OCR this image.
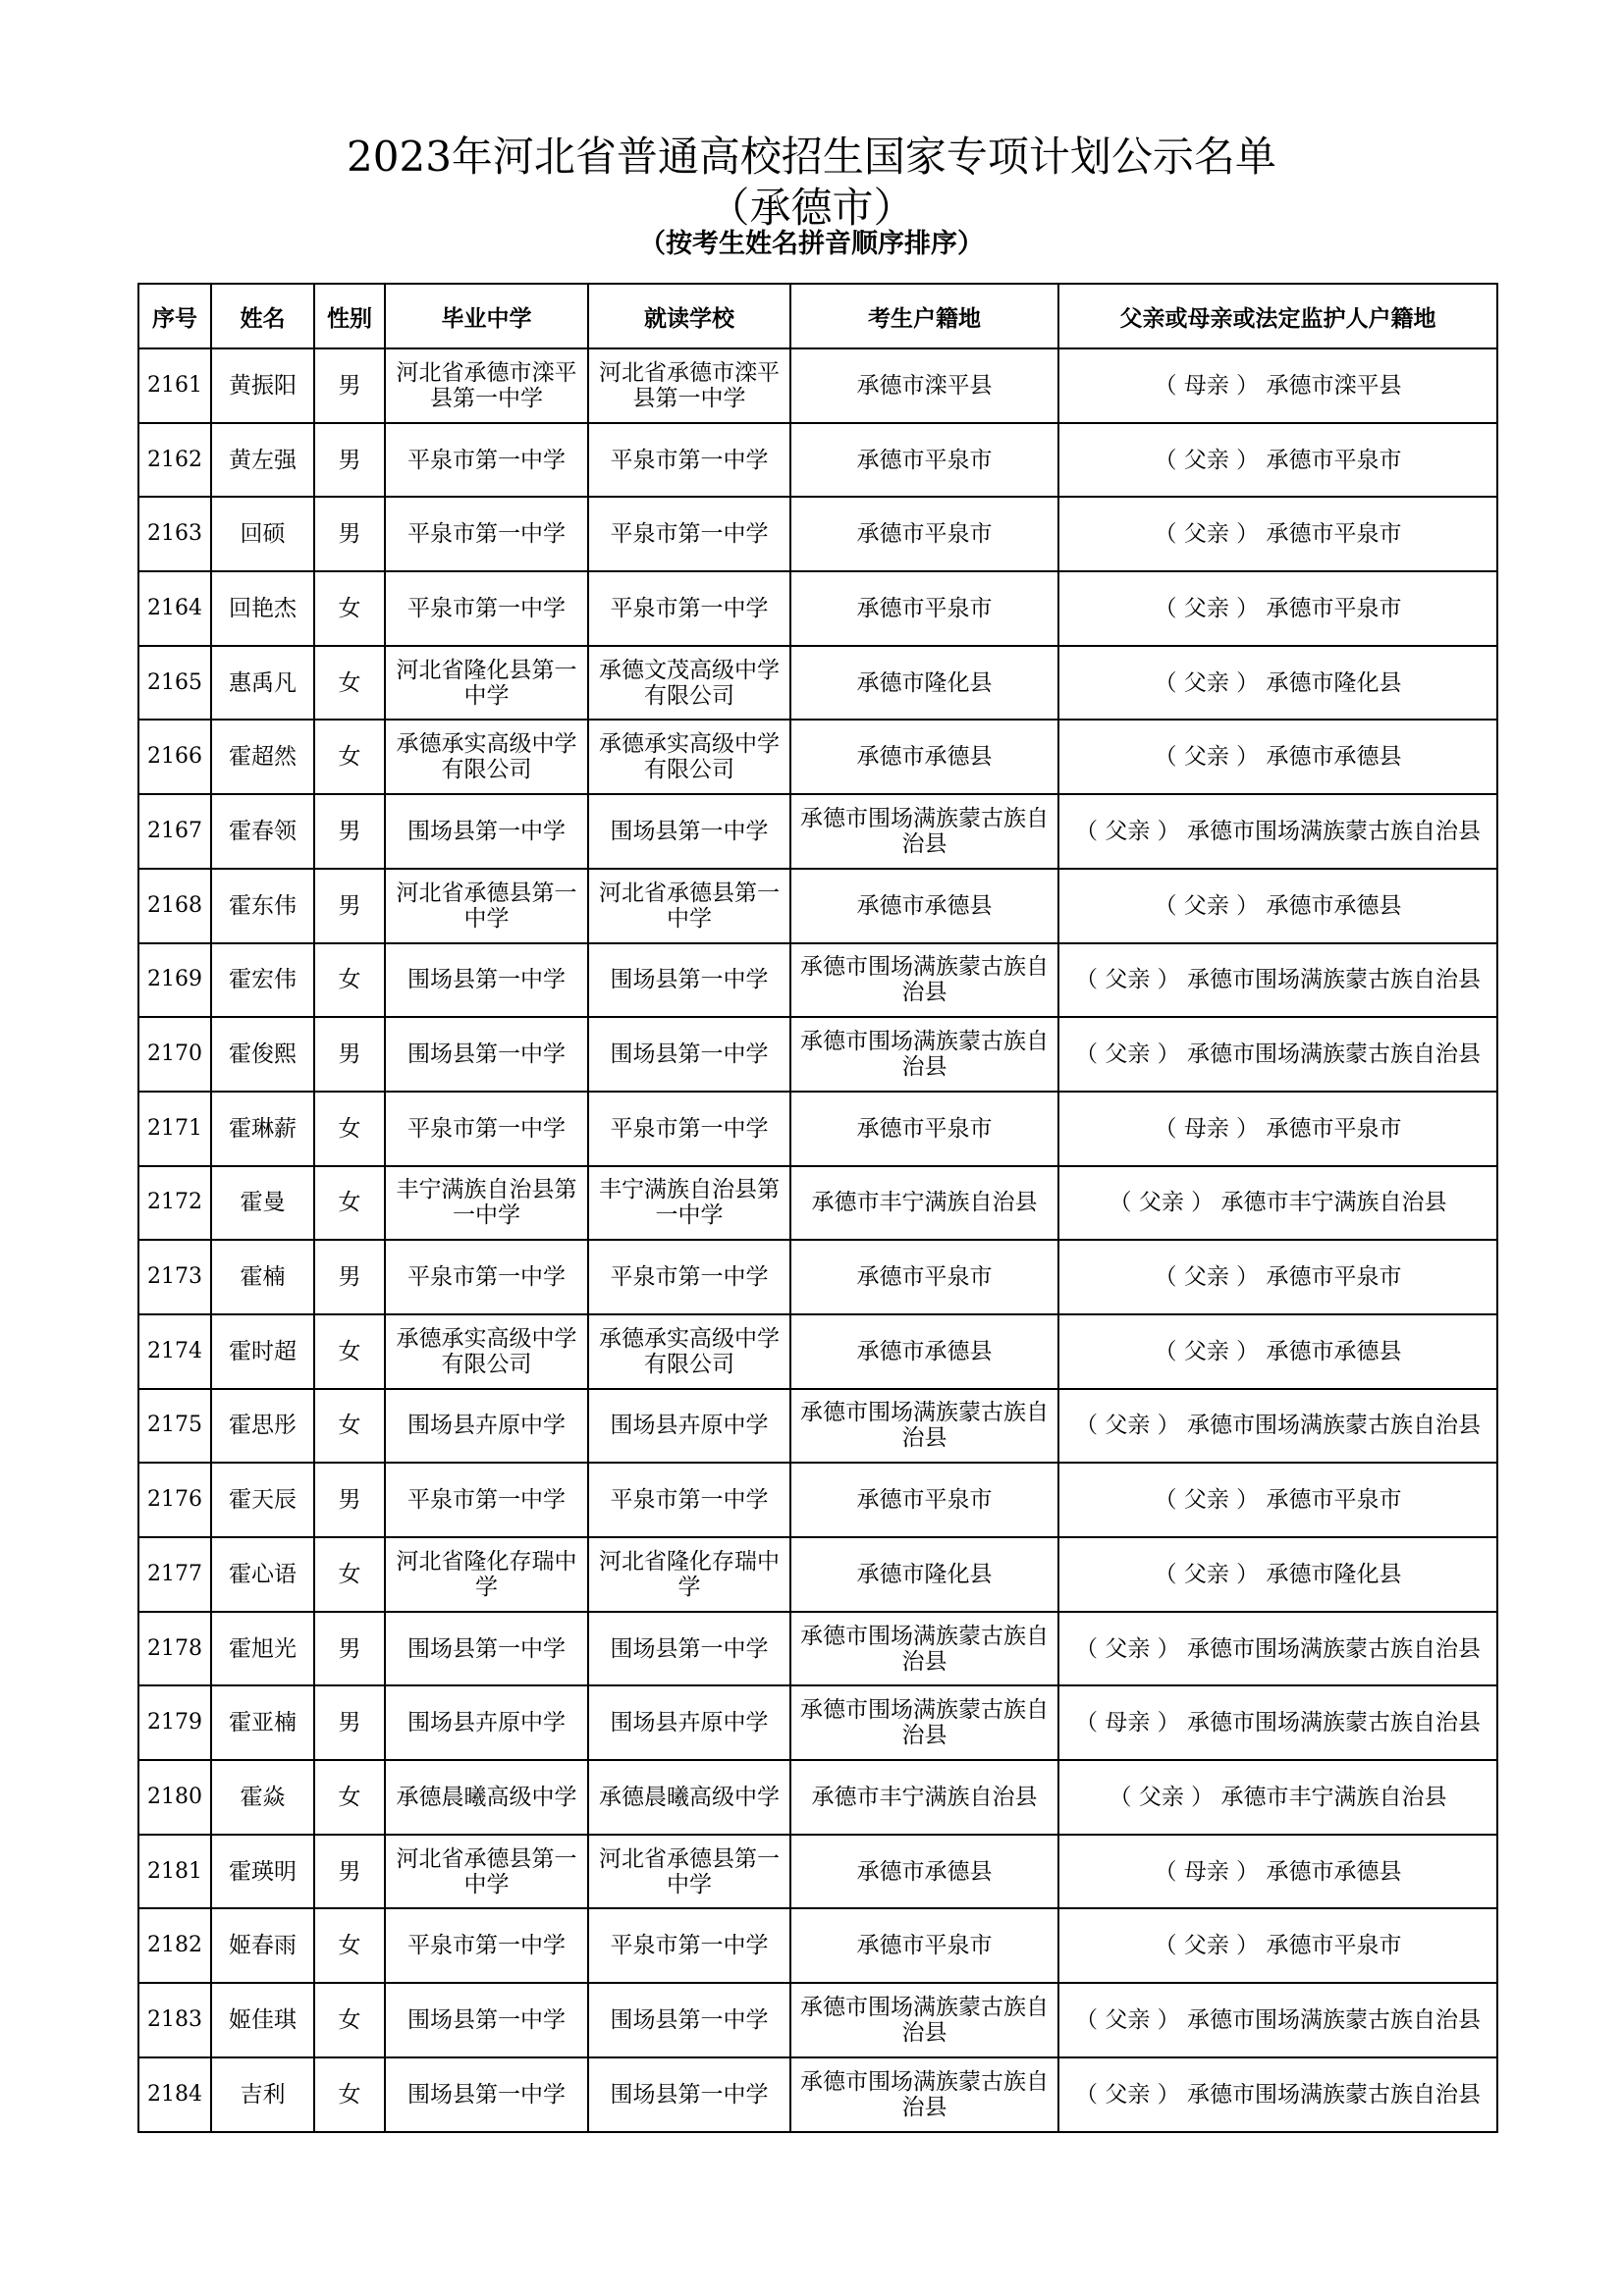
2023年河北省普通高校招生国家专项计划公示名单
（承德市）
（按考生姓名拼音顺序排序）
序号	姓名	性别	毕业中学	就读学校	考生户籍地	父亲或母亲或法定监护人户籍地
2161	黄振阳	男	河北省承德市滦平县第一中学	河北省承德市滦平县第一中学	承德市滦平县	（ 母亲 ） 承德市滦平县
2162	黄左强	男	平泉市第一中学	平泉市第一中学	承德市平泉市	（ 父亲 ） 承德市平泉市
2163	回硕	男	平泉市第一中学	平泉市第一中学	承德市平泉市	（ 父亲 ） 承德市平泉市
2164	回艳杰	女	平泉市第一中学	平泉市第一中学	承德市平泉市	（ 父亲 ） 承德市平泉市
2165	惠禹凡	女	河北省隆化县第一中学	承德文茂高级中学有限公司	承德市隆化县	（ 父亲 ） 承德市隆化县
2166	霍超然	女	承德承实高级中学有限公司	承德承实高级中学有限公司	承德市承德县	（ 父亲 ） 承德市承德县
2167	霍春领	男	围场县第一中学	围场县第一中学	承德市围场满族蒙古族自治县	（ 父亲 ） 承德市围场满族蒙古族自治县
2168	霍东伟	男	河北省承德县第一中学	河北省承德县第一中学	承德市承德县	（ 父亲 ） 承德市承德县
2169	霍宏伟	女	围场县第一中学	围场县第一中学	承德市围场满族蒙古族自治县	（ 父亲 ） 承德市围场满族蒙古族自治县
2170	霍俊熙	男	围场县第一中学	围场县第一中学	承德市围场满族蒙古族自治县	（ 父亲 ） 承德市围场满族蒙古族自治县
2171	霍琳薪	女	平泉市第一中学	平泉市第一中学	承德市平泉市	（ 母亲 ） 承德市平泉市
2172	霍曼	女	丰宁满族自治县第一中学	丰宁满族自治县第一中学	承德市丰宁满族自治县	（ 父亲 ） 承德市丰宁满族自治县
2173	霍楠	男	平泉市第一中学	平泉市第一中学	承德市平泉市	（ 父亲 ） 承德市平泉市
2174	霍时超	女	承德承实高级中学有限公司	承德承实高级中学有限公司	承德市承德县	（ 父亲 ） 承德市承德县
2175	霍思彤	女	围场县卉原中学	围场县卉原中学	承德市围场满族蒙古族自治县	（ 父亲 ） 承德市围场满族蒙古族自治县
2176	霍天辰	男	平泉市第一中学	平泉市第一中学	承德市平泉市	（ 父亲 ） 承德市平泉市
2177	霍心语	女	河北省隆化存瑞中学	河北省隆化存瑞中学	承德市隆化县	（ 父亲 ） 承德市隆化县
2178	霍旭光	男	围场县第一中学	围场县第一中学	承德市围场满族蒙古族自治县	（ 父亲 ） 承德市围场满族蒙古族自治县
2179	霍亚楠	男	围场县卉原中学	围场县卉原中学	承德市围场满族蒙古族自治县	（ 母亲 ） 承德市围场满族蒙古族自治县
2180	霍焱	女	承德晨曦高级中学	承德晨曦高级中学	承德市丰宁满族自治县	（ 父亲 ） 承德市丰宁满族自治县
2181	霍瑛明	男	河北省承德县第一中学	河北省承德县第一中学	承德市承德县	（ 母亲 ） 承德市承德县
2182	姬春雨	女	平泉市第一中学	平泉市第一中学	承德市平泉市	（ 父亲 ） 承德市平泉市
2183	姬佳琪	女	围场县第一中学	围场县第一中学	承德市围场满族蒙古族自治县	（ 父亲 ） 承德市围场满族蒙古族自治县
2184	吉利	女	围场县第一中学	围场县第一中学	承德市围场满族蒙古族自治县	（ 父亲 ） 承德市围场满族蒙古族自治县
